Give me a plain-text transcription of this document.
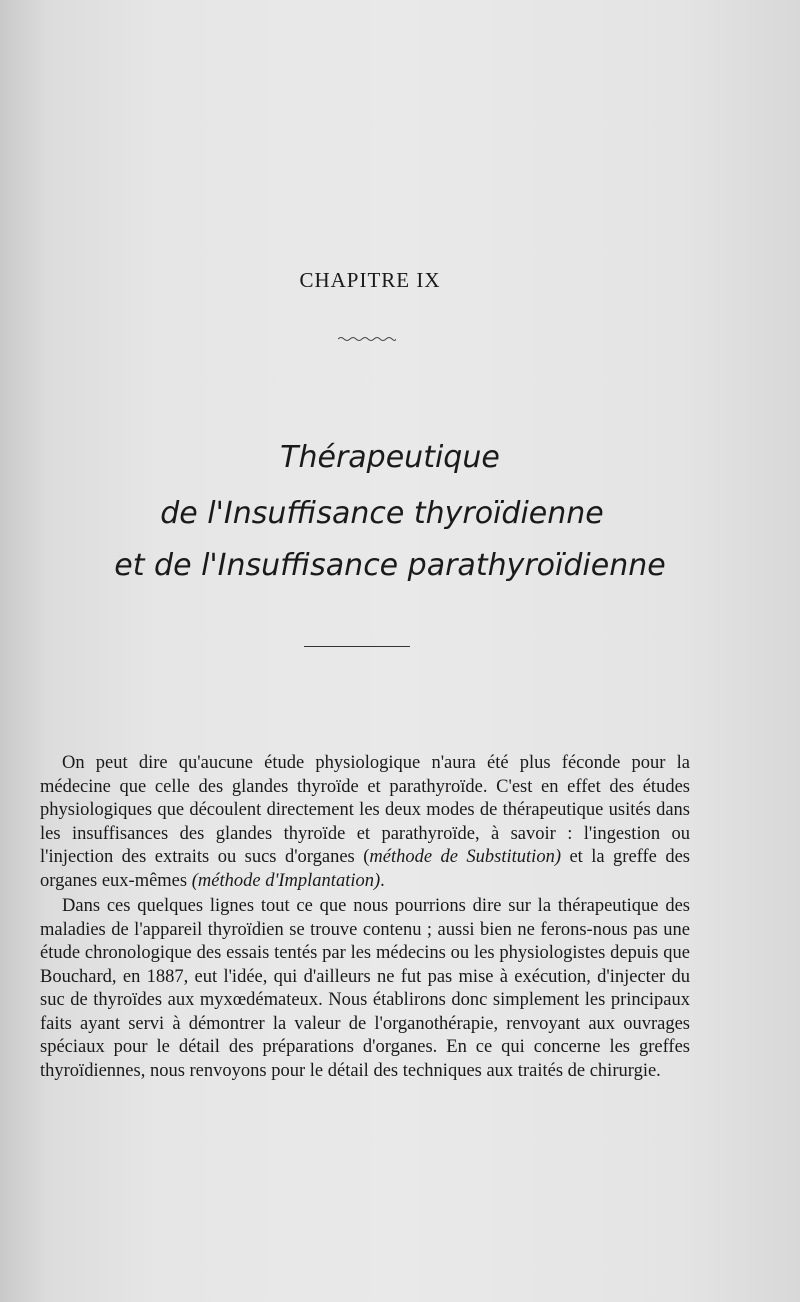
CHAPITRE IX
Thérapeutique
de l'Insuffisance thyroïdienne
et de l'Insuffisance parathyroïdienne

On peut dire qu'aucune étude physiologique n'aura été plus féconde pour la médecine que celle des glandes thyroïde et parathyroïde. C'est en effet des études physiologiques que découlent directement les deux modes de thérapeutique usités dans les insuffisances des glandes thyroïde et parathyroïde, à savoir : l'ingestion ou l'injection des extraits ou sucs d'organes (méthode de Substitution) et la greffe des organes eux-mêmes (méthode d'Implantation).

Dans ces quelques lignes tout ce que nous pourrions dire sur la thérapeutique des maladies de l'appareil thyroïdien se trouve contenu ; aussi bien ne ferons-nous pas une étude chronologique des essais tentés par les médecins ou les physiologistes depuis que Bouchard, en 1887, eut l'idée, qui d'ailleurs ne fut pas mise à exécution, d'injecter du suc de thyroïdes aux myxœdémateux. Nous établirons donc simplement les principaux faits ayant servi à démontrer la valeur de l'organothérapie, renvoyant aux ouvrages spéciaux pour le détail des préparations d'organes. En ce qui concerne les greffes thyroïdiennes, nous renvoyons pour le détail des techniques aux traités de chirurgie.
